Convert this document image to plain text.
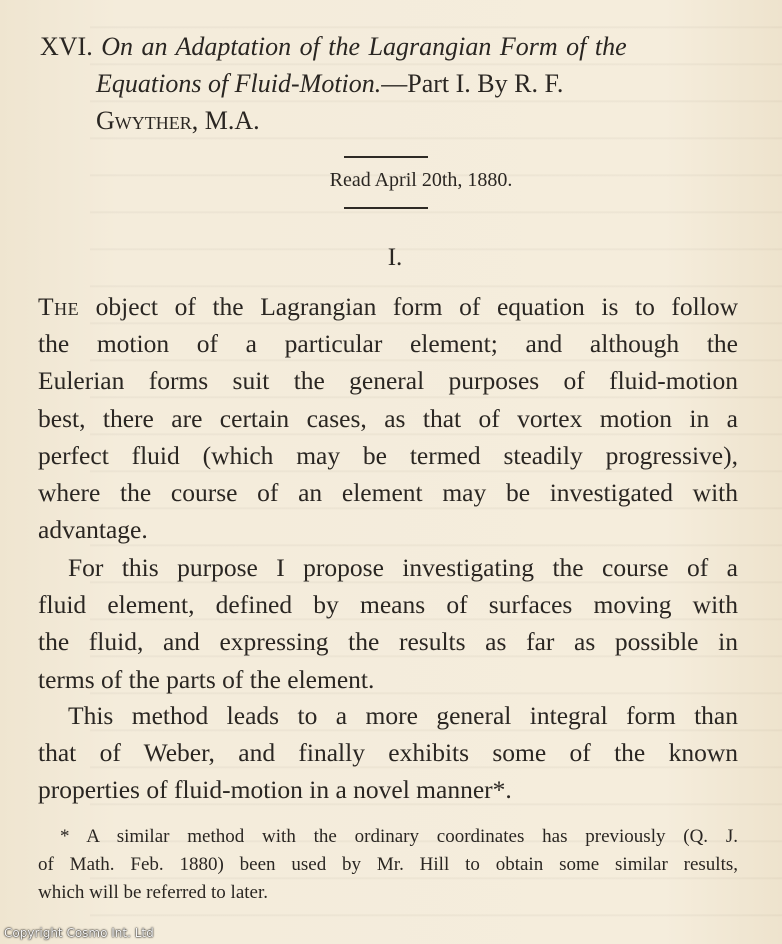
XVI. On an Adaptation of the Lagrangian Form of the
Equations of Fluid-Motion.—Part I. By R. F.
Gwyther, M.A.
Read April 20th, 1880.
I.
The object of the Lagrangian form of equation is to follow
the motion of a particular element; and although the
Eulerian forms suit the general purposes of fluid-motion
best, there are certain cases, as that of vortex motion in a
perfect fluid (which may be termed steadily progressive),
where the course of an element may be investigated with
advantage.
For this purpose I propose investigating the course of a
fluid element, defined by means of surfaces moving with
the fluid, and expressing the results as far as possible in
terms of the parts of the element.
This method leads to a more general integral form than
that of Weber, and finally exhibits some of the known
properties of fluid-motion in a novel manner*.
* A similar method with the ordinary coordinates has previously (Q. J.
of Math. Feb. 1880) been used by Mr. Hill to obtain some similar results,
which will be referred to later.
Copyright Cosmo Int. Ltd
